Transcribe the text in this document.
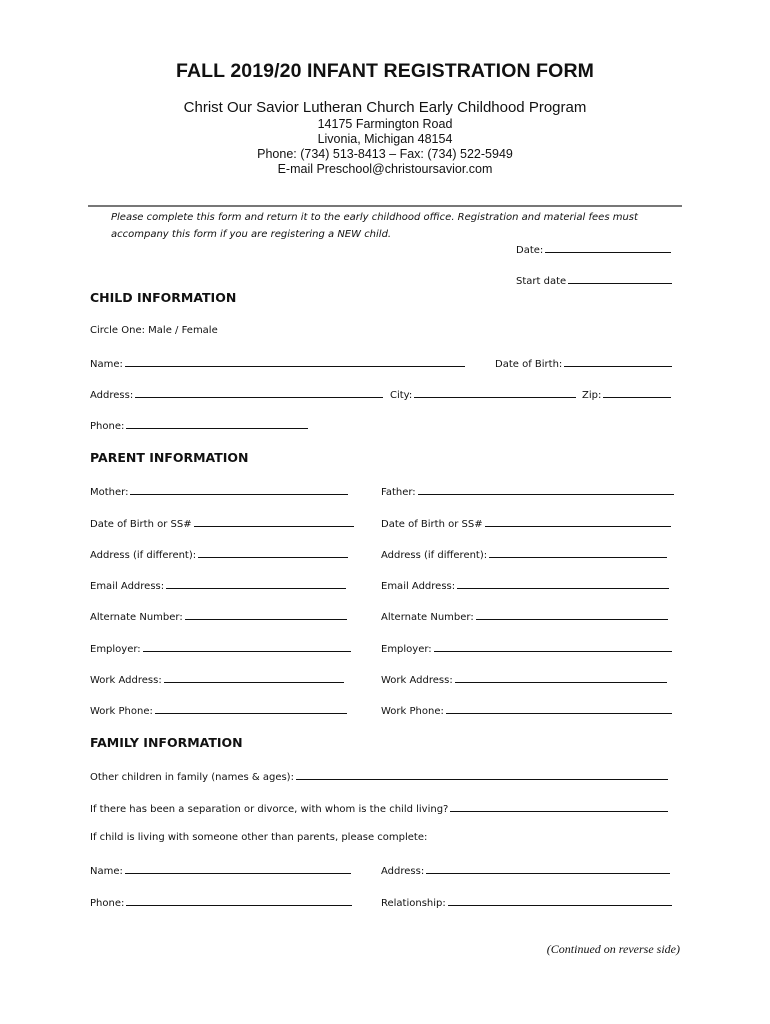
FALL 2019/20 INFANT REGISTRATION FORM
Christ Our Savior Lutheran Church Early Childhood Program
14175 Farmington Road
Livonia, Michigan 48154
Phone: (734) 513-8413 – Fax: (734) 522-5949
E-mail Preschool@christoursavior.com
Please complete this form and return it to the early childhood office. Registration and material fees must accompany this form if you are registering a NEW child.
Date:
Start date
CHILD INFORMATION
Circle One: Male / Female
Name:	Date of Birth:
Address:	City:	Zip:
Phone:
PARENT INFORMATION
Mother:	Father:
Date of Birth or SS#	Date of Birth or SS#
Address (if different):	Address (if different):
Email Address:	Email Address:
Alternate Number:	Alternate Number:
Employer:	Employer:
Work Address:	Work Address:
Work Phone:	Work Phone:
FAMILY INFORMATION
Other children in family (names & ages):
If there has been a separation or divorce, with whom is the child living?
If child is living with someone other than parents, please complete:
Name:	Address:
Phone:	Relationship:
(Continued on reverse side)
